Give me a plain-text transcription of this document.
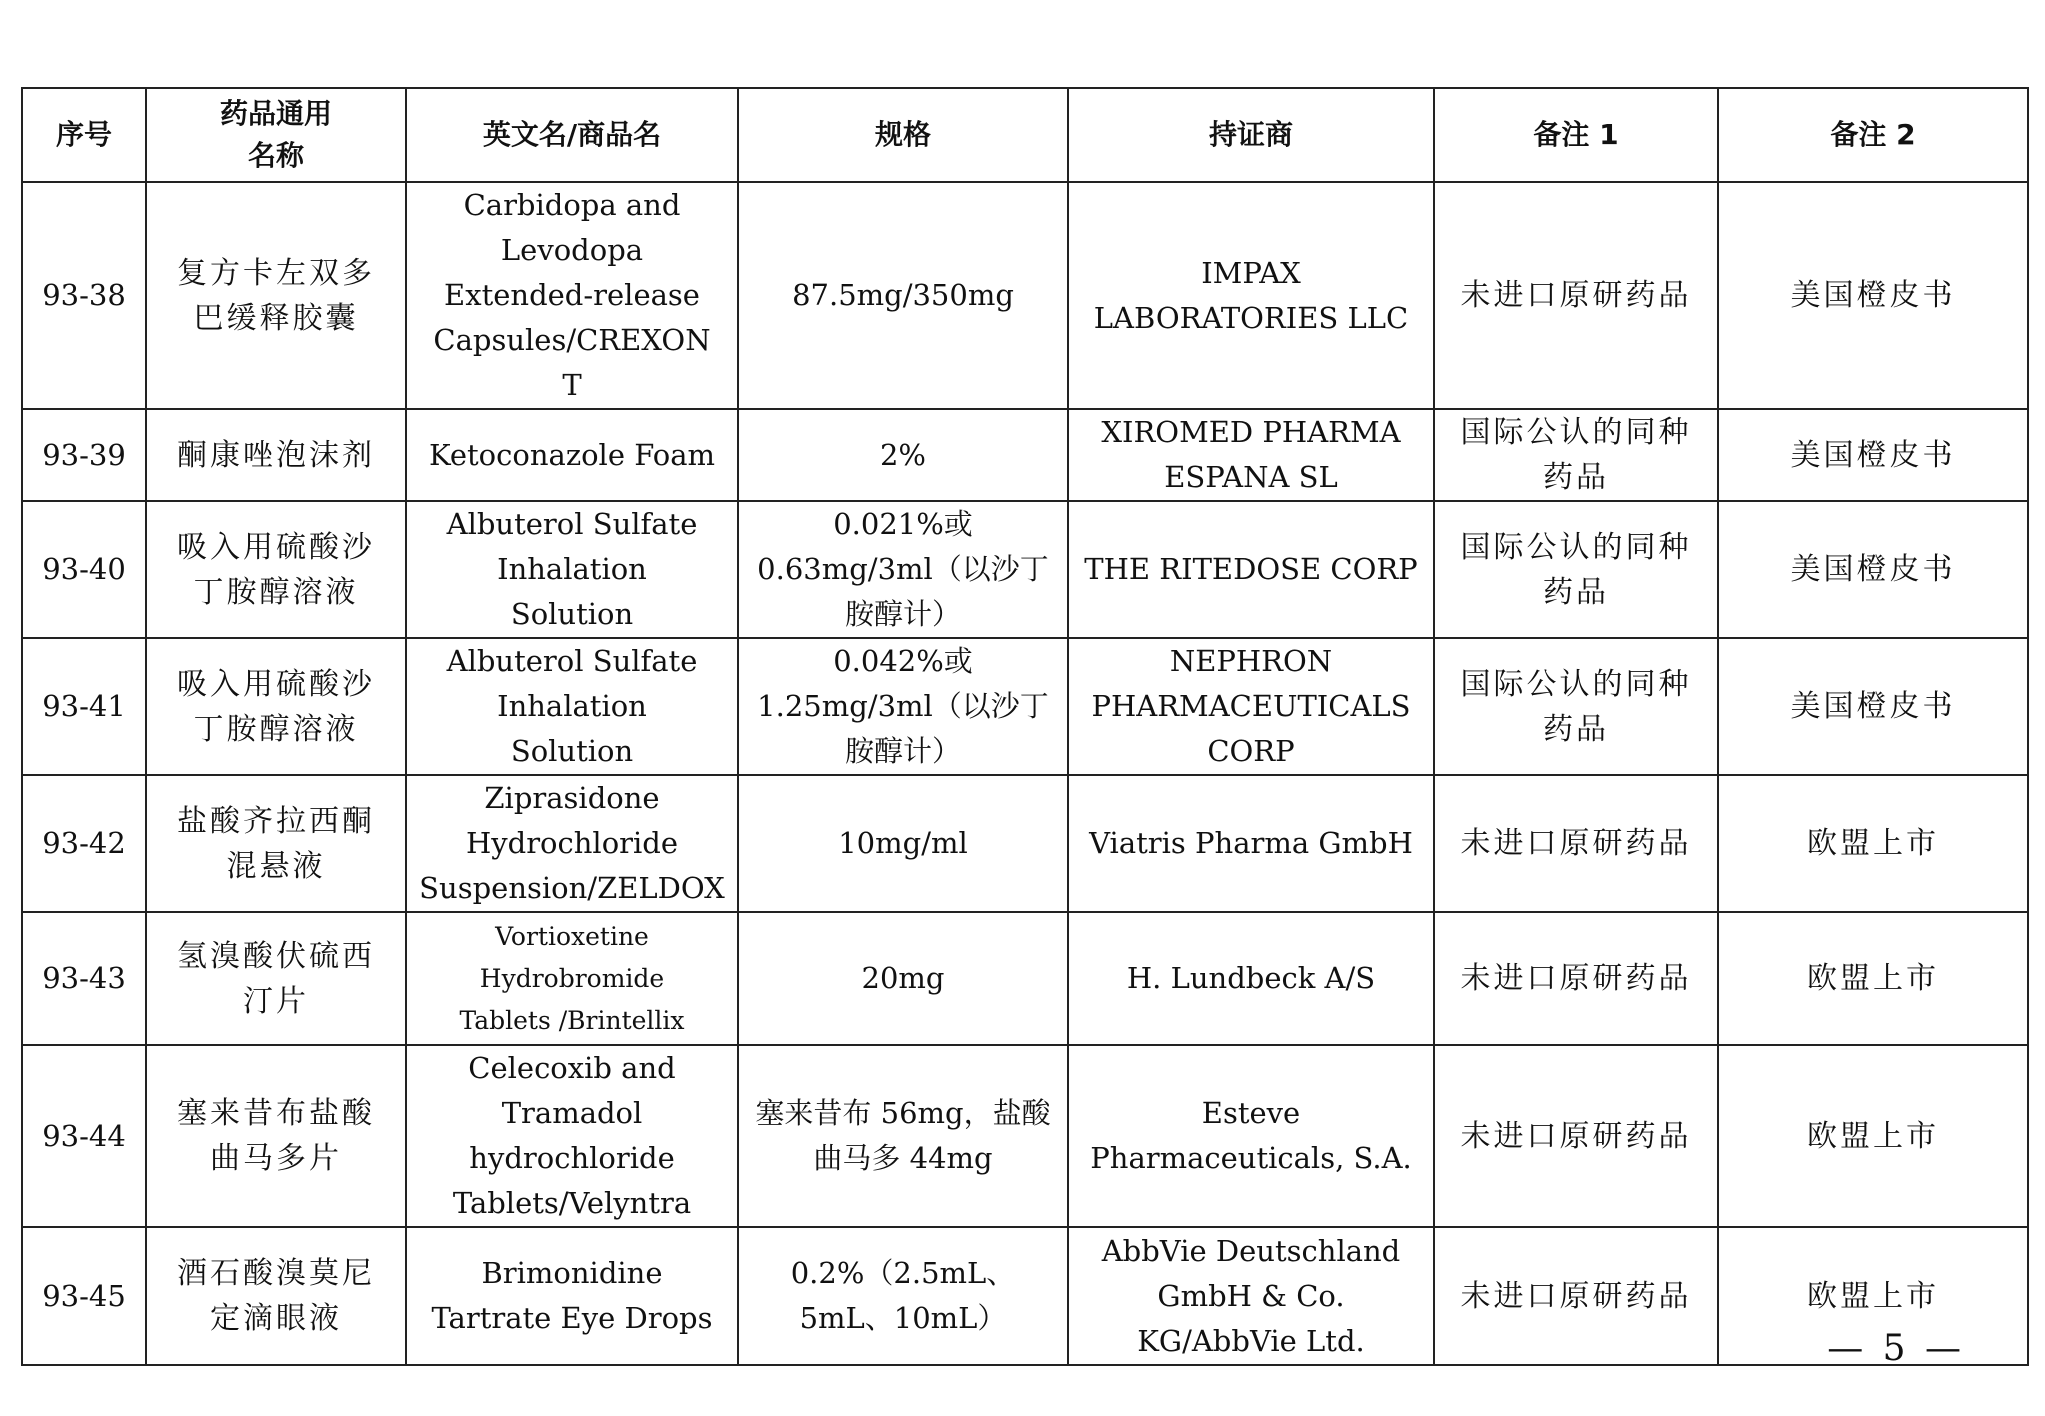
序号	药品通用名称	英文名/商品名	规格	持证商	备注 1	备注 2
93-38	复方卡左双多巴缓释胶囊	Carbidopa and Levodopa Extended-release Capsules/CREXONT	87.5mg/350mg	IMPAX LABORATORIES LLC	未进口原研药品	美国橙皮书
93-39	酮康唑泡沫剂	Ketoconazole Foam	2%	XIROMED PHARMA ESPANA SL	国际公认的同种药品	美国橙皮书
93-40	吸入用硫酸沙丁胺醇溶液	Albuterol Sulfate Inhalation Solution	0.021%或 0.63mg/3ml（以沙丁胺醇计）	THE RITEDOSE CORP	国际公认的同种药品	美国橙皮书
93-41	吸入用硫酸沙丁胺醇溶液	Albuterol Sulfate Inhalation Solution	0.042%或 1.25mg/3ml（以沙丁胺醇计）	NEPHRON PHARMACEUTICALS CORP	国际公认的同种药品	美国橙皮书
93-42	盐酸齐拉西酮混悬液	Ziprasidone Hydrochloride Suspension/ZELDOX	10mg/ml	Viatris Pharma GmbH	未进口原研药品	欧盟上市
93-43	氢溴酸伏硫西汀片	Vortioxetine Hydrobromide Tablets /Brintellix	20mg	H. Lundbeck A/S	未进口原研药品	欧盟上市
93-44	塞来昔布盐酸曲马多片	Celecoxib and Tramadol hydrochloride Tablets/Velyntra	塞来昔布 56mg，盐酸曲马多 44mg	Esteve Pharmaceuticals, S.A.	未进口原研药品	欧盟上市
93-45	酒石酸溴莫尼定滴眼液	Brimonidine Tartrate Eye Drops	0.2%（2.5mL、5mL、10mL）	AbbVie Deutschland GmbH & Co. KG/AbbVie Ltd.	未进口原研药品	欧盟上市
— 5 —
